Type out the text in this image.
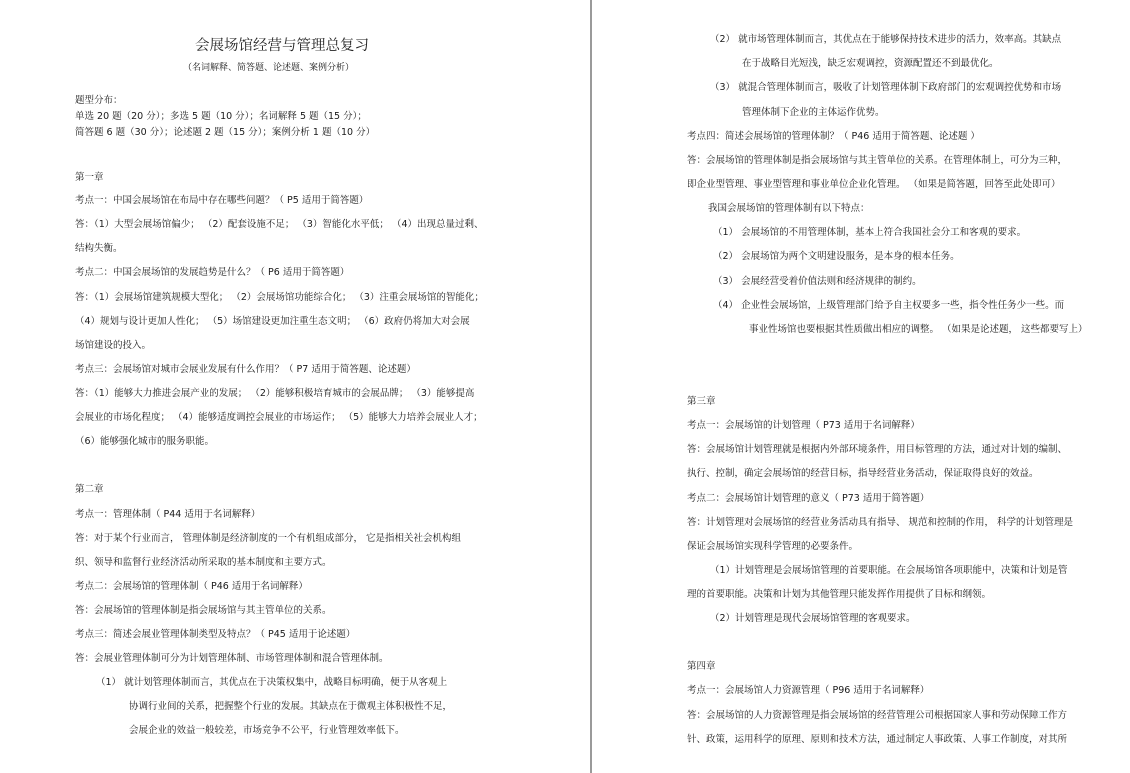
会展场馆经营与管理总复习
（名词解释、简答题、论述题、案例分析）
题型分布：
单选 20 题（20 分）；多选 5 题（10 分）；名词解释 5 题（15 分）；
简答题 6 题（30 分）；论述题 2 题（15 分）；案例分析 1 题（10 分）
第一章
考点一：中国会展场馆在布局中存在哪些问题？（ P5 适用于简答题）
答：（1）大型会展场馆偏少； （2）配套设施不足； （3）智能化水平低； （4）出现总量过剩、
结构失衡。
考点二：中国会展场馆的发展趋势是什么？（ P6 适用于简答题）
答：（1）会展场馆建筑规模大型化； （2）会展场馆功能综合化； （3）注重会展场馆的智能化；
（4）规划与设计更加人性化； （5）场馆建设更加注重生态文明； （6）政府仍将加大对会展
场馆建设的投入。
考点三：会展场馆对城市会展业发展有什么作用？（ P7 适用于简答题、论述题）
答：（1）能够大力推进会展产业的发展； （2）能够积极培育城市的会展品牌； （3）能够提高
会展业的市场化程度； （4）能够适度调控会展业的市场运作； （5）能够大力培养会展业人才；
（6）能够强化城市的服务职能。
第二章
考点一：管理体制（ P44 适用于名词解释）
答：对于某个行业而言， 管理体制是经济制度的一个有机组成部分， 它是指相关社会机构组
织、领导和监督行业经济活动所采取的基本制度和主要方式。
考点二：会展场馆的管理体制（ P46 适用于名词解释）
答：会展场馆的管理体制是指会展场馆与其主管单位的关系。
考点三：简述会展业管理体制类型及特点？（ P45 适用于论述题）
答：会展业管理体制可分为计划管理体制、市场管理体制和混合管理体制。
（1） 就计划管理体制而言，其优点在于决策权集中，战略目标明确，便于从客观上
协调行业间的关系，把握整个行业的发展。其缺点在于微观主体积极性不足，
会展企业的效益一般较差，市场竞争不公平，行业管理效率低下。
（2） 就市场管理体制而言，其优点在于能够保持技术进步的活力，效率高。其缺点
在于战略目光短浅，缺乏宏观调控，资源配置还不到最优化。
（3） 就混合管理体制而言，吸收了计划管理体制下政府部门的宏观调控优势和市场
管理体制下企业的主体运作优势。
考点四：简述会展场馆的管理体制？（ P46 适用于简答题、论述题 ）
答：会展场馆的管理体制是指会展场馆与其主管单位的关系。在管理体制上，可分为三种，
即企业型管理、事业型管理和事业单位企业化管理。 （如果是简答题，回答至此处即可）
我国会展场馆的管理体制有以下特点：
（1） 会展场馆的不用管理体制，基本上符合我国社会分工和客观的要求。
（2） 会展场馆为两个文明建设服务，是本身的根本任务。
（3） 会展经营受着价值法则和经济规律的制约。
（4） 企业性会展场馆，上级管理部门给予自主权要多一些，指令性任务少一些。而
事业性场馆也要根据其性质做出相应的调整。 （如果是论述题， 这些都要写上）
第三章
考点一：会展场馆的计划管理（ P73 适用于名词解释）
答：会展场馆计划管理就是根据内外部环境条件，用目标管理的方法，通过对计划的编制、
执行、控制，确定会展场馆的经营目标，指导经营业务活动，保证取得良好的效益。
考点二：会展场馆计划管理的意义（ P73 适用于简答题）
答：计划管理对会展场馆的经营业务活动具有指导、 规范和控制的作用， 科学的计划管理是
保证会展场馆实现科学管理的必要条件。
（1）计划管理是会展场馆管理的首要职能。在会展场馆各项职能中，决策和计划是管
理的首要职能。决策和计划为其他管理只能发挥作用提供了目标和纲领。
（2）计划管理是现代会展场馆管理的客观要求。
第四章
考点一：会展场馆人力资源管理（ P96 适用于名词解释）
答：会展场馆的人力资源管理是指会展场馆的经营管理公司根据国家人事和劳动保障工作方
针、政策，运用科学的原理、原则和技术方法，通过制定人事政策、人事工作制度，对其所
